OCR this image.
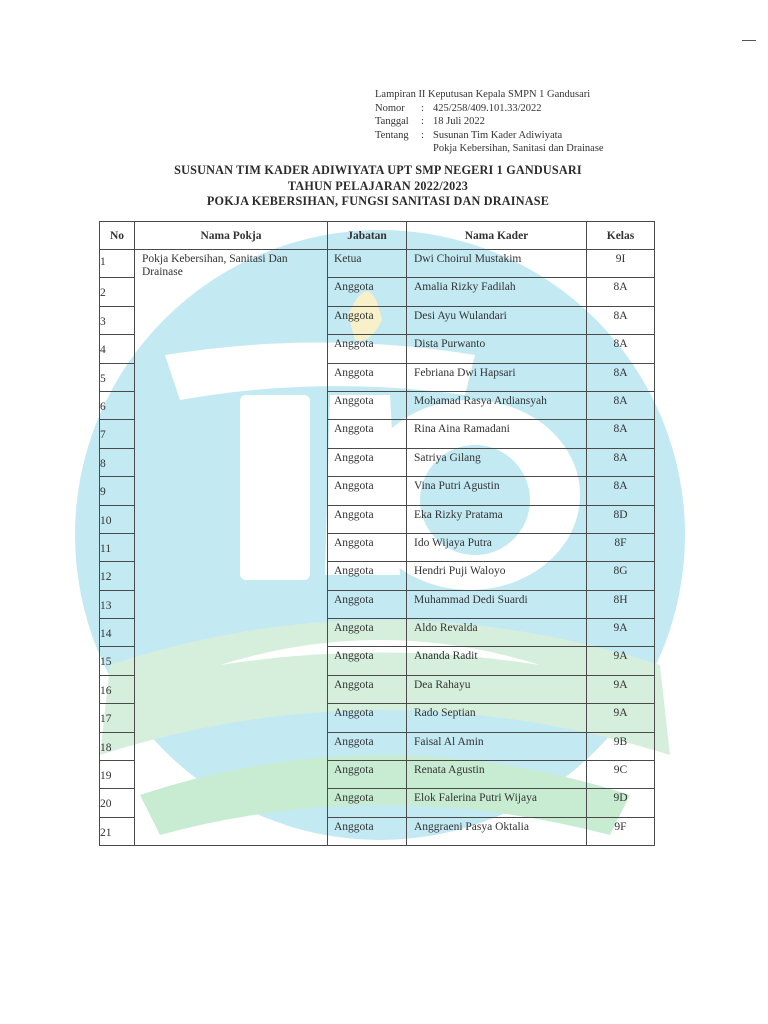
Lampiran II Keputusan Kepala SMPN 1 Gandusari
Nomor	: 425/258/409.101.33/2022
Tanggal	: 18 Juli 2022
Tentang	: Susunan Tim Kader Adiwiyata
Pokja Kebersihan, Sanitasi dan Drainase
SUSUNAN TIM KADER ADIWIYATA UPT SMP NEGERI 1 GANDUSARI
TAHUN PELAJARAN 2022/2023
POKJA KEBERSIHAN, FUNGSI SANITASI DAN DRAINASE
No	Nama Pokja	Jabatan	Nama Kader	Kelas

1	Pokja Kebersihan, Sanitasi Dan Drainase	Ketua	Dwi Choirul Mustakim	9I

2		Anggota	Amalia Rizky Fadilah	8A

3		Anggota	Desi Ayu Wulandari	8A

4		Anggota	Dista Purwanto	8A

5		Anggota	Febriana Dwi Hapsari	8A

6		Anggota	Mohamad Rasya Ardiansyah	8A

7		Anggota	Rina Aina Ramadani	8A

8		Anggota	Satriya Gilang	8A

9		Anggota	Vina Putri Agustin	8A

10		Anggota	Eka Rizky Pratama	8D

11		Anggota	Ido Wijaya Putra	8F

12		Anggota	Hendri Puji Waloyo	8G

13		Anggota	Muhammad Dedi Suardi	8H

14		Anggota	Aldo Revalda	9A

15		Anggota	Ananda Radit	9A

16		Anggota	Dea Rahayu	9A

17		Anggota	Rado Septian	9A

18		Anggota	Faisal Al Amin	9B

19		Anggota	Renata Agustin	9C

20		Anggota	Elok Falerina Putri Wijaya	9D

21		Anggota	Anggraeni Pasya Oktalia	9F
